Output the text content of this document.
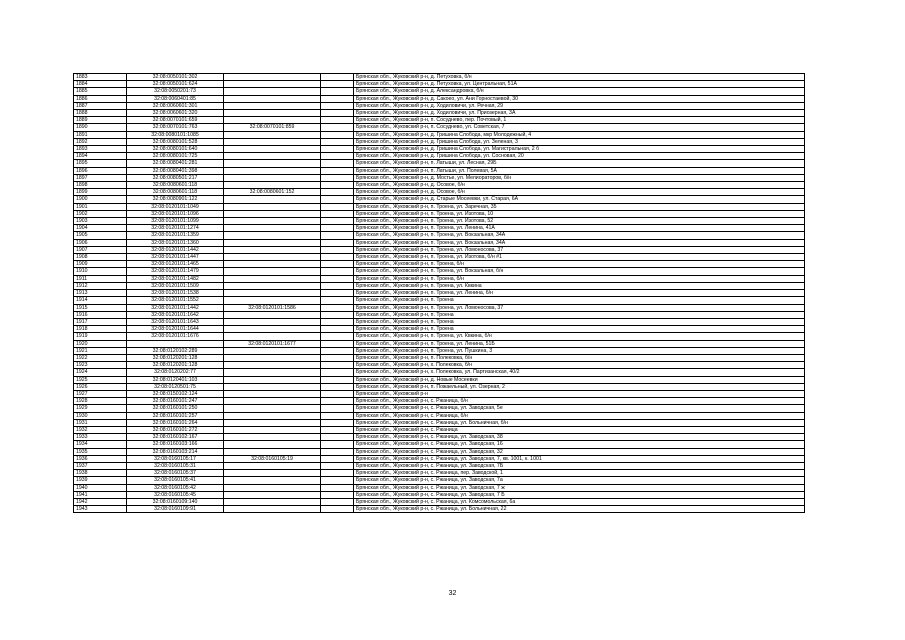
1883	32:08:0050101:302			Брянская обл., Жуковский р-н, д. Петуховка, б/н
1884	32:08:0050101:624			Брянская обл., Жуковский р-н, д. Петуховка, ул. Центральная, 51А
1885	32:08:0050201:73			Брянская обл., Жуковский р-н, д. Александровка, б/н
1886	32:08:0060401:85			Брянская обл., Жуковский р-н, д. Сакоео, ул. Ани Горностаевой, 30
1887	32:08:0060601:301			Брянская обл., Жуковский р-н, д. Ходиловичи, ул. Речная, 29
1888	32:08:0060601:320			Брянская обл., Жуковский р-н, д. Ходиловичи, ул. Приозерная, 3А
1889	32:08:0070101:659			Брянская обл., Жуковский р-н, п. Сосуднево, пер. Почтовый, 1
1890	32:08:0070101:763	32:08:0070101:859		Брянская обл., Жуковский р-н, п. Сосуднево, ул. Советская, 7
1891	32:08:0080101:1085			Брянская обл., Жуковский р-н, д. Гришина Слобода, мкр Молодежный, 4
1892	32:08:0080101:528			Брянская обл., Жуковский р-н, д. Гришина Слобода, ул. Зеленая, 3
1893	32:08:0080101:640			Брянская обл., Жуковский р-н, д. Гришина Слобода, ул. Магистральная, 2 б
1894	32:08:0080101:725			Брянская обл., Жуковский р-н, д. Гришина Слобода, ул. Сосновая, 20
1895	32:08:0080401:281			Брянская обл., Жуковский р-н, п. Латыши, ул. Лесная, 29Б
1896	32:08:0080401:398			Брянская обл., Жуковский р-н, п. Латыши, ул. Полевая, 5А
1897	32:08:0080501:217			Брянская обл., Жуковский р-н, д. Мостье, ул. Мелиораторов, б/н
1898	32:08:0080601:118			Брянская обл., Жуковский р-н, д. Осовое, б/н
1899	32:08:0080601:118	32:08:0080601:152		Брянская обл., Жуковский р-н, д. Осовое, б/н
1900	32:08:0080901:122			Брянская обл., Жуковский р-н, д. Старые Мосеевки, ул. Старая, 6А
1901	32:08:0120101:1049			Брянская обл., Жуковский р-н, п. Троена, ул. Заречная, 35
1902	32:08:0120101:1096			Брянская обл., Жуковский р-н, п. Троена, ул. Изотова, 10
1903	32:08:0120101:1099			Брянская обл., Жуковский р-н, п. Троена, ул. Изотова, 52
1904	32:08:0120101:1274			Брянская обл., Жуковский р-н, п. Троена, ул. Ленина, 41А
1905	32:08:0120101:1359			Брянская обл., Жуковский р-н, п. Троена, ул. Вокзальная, 34А
1906	32:08:0120101:1360			Брянская обл., Жуковский р-н, п. Троена, ул. Вокзальная, 34А
1907	32:08:0120101:1442			Брянская обл., Жуковский р-н, п. Троена, ул. Ломоносова, 37
1908	32:08:0120101:1447			Брянская обл., Жуковский р-н, п. Троена, ул. Изотова, б/н #1
1909	32:08:0120101:1465			Брянская обл., Жуковский р-н, п. Троена, б/н
1910	32:08:0120101:1479			Брянская обл., Жуковский р-н, п. Троена, ул. Вокзальная, б/н
1911	32:08:0120101:1482			Брянская обл., Жуковский р-н, п. Троена, б/н
1912	32:08:0120101:1509			Брянская обл., Жуковский р-н, п. Троена, ул. Квкина
1913	32:08:0120101:1538			Брянская обл., Жуковский р-н, п. Троена, ул. Ленина, б/н
1914	32:08:0120101:1552			Брянская обл., Жуковский р-н, п. Троена
1915	32:08:0120101:1442	32:08:0120101:1586		Брянская обл., Жуковский р-н, п. Троена, ул. Ломоносова, 37
1916	32:08:0120101:1642			Брянская обл., Жуковский р-н, п. Троена
1917	32:08:0120101:1643			Брянская обл., Жуковский р-н, п. Троена
1918	32:08:0120101:1644			Брянская обл., Жуковский р-н, п. Троена
1919	32:08:0120101:1676			Брянская обл., Жуковский р-н, п. Троена, ул. Квкина, б/н
1920		32:08:0120101:1677		Брянская обл., Жуковский р-н, п. Троена, ул. Ленина, 51Б
1921	32:08:0120102:289			Брянская обл., Жуковский р-н, п. Троена, ул. Пушкина, 3
1922	32:08:0120201:128			Брянская обл., Жуковский р-н, п. Полековка, б/н
1923	32:08:0120201:128			Брянская обл., Жуковский р-н, х. Полековка, б/н
1924	32:08:0120202:77			Брянская обл., Жуковский р-н, х. Полековка, ул. Партизанская, 40/2
1925	32:08:0120401:103			Брянская обл., Жуковский р-н, д. Новые Мосеевки
1926	32:08:0120501:75			Брянская обл., Жуковский р-н, п. Пожаельный, ул. Озерная, 2
1927	32:08:0150102:124			Брянская обл., Жуковский р-н
1928	32:08:0160101:247			Брянская обл., Жуковский р-н, с. Ржаница, б/н
1929	32:08:0160101:250			Брянская обл., Жуковский р-н, с. Ржаница, ул. Заводская, 5е
1930	32:08:0160101:257			Брянская обл., Жуковский р-н, с. Ржаница, б/н
1931	32:08:0160101:264			Брянская обл., Жуковский р-н, с. Ржаница, ул. Больничная, б/н
1932	32:08:0160101:272			Брянская обл., Жуковский р-н, с. Ржаница
1933	32:08:0160102:167			Брянская обл., Жуковский р-н, с. Ржаница, ул. Заводская, 38
1934	32:08:0160103:166			Брянская обл., Жуковский р-н, с. Ржаница, ул. Заводская, 16
1935	32:08:0160103:214			Брянская обл., Жуковский р-н, с. Ржаница, ул. Заводская, 32
1936	32:08:0160105:17	32:08:0160105:19		Брянская обл., Жуковский р-н, с. Ржаница, ул. Заводская, 7, кв. 1001, к. 1001
1937	32:08:0160105:31			Брянская обл., Жуковский р-н, с. Ржаница, ул. Заводская, 7Б
1938	32:08:0160105:37			Брянская обл., Жуковский р-н, с. Ржаница, пер. Заводской, 1
1939	32:08:0160105:41			Брянская обл., Жуковский р-н, с. Ржаница, ул. Заводская, 7а
1940	32:08:0160105:42			Брянская обл., Жуковский р-н, с. Ржаница, ул. Заводская, 7 ж
1941	32:08:0160105:45			Брянская обл., Жуковский р-н, с. Ржаница, ул. Заводская, 7 Б
1942	32:08:0160109:140			Брянская обл., Жуковский р-н, с. Ржаница, ул. Комсомольская, 6а
1943	32:08:0160109:91			Брянская обл., Жуковский р-н, с. Ржаница, ул. Больничная, 22
32
